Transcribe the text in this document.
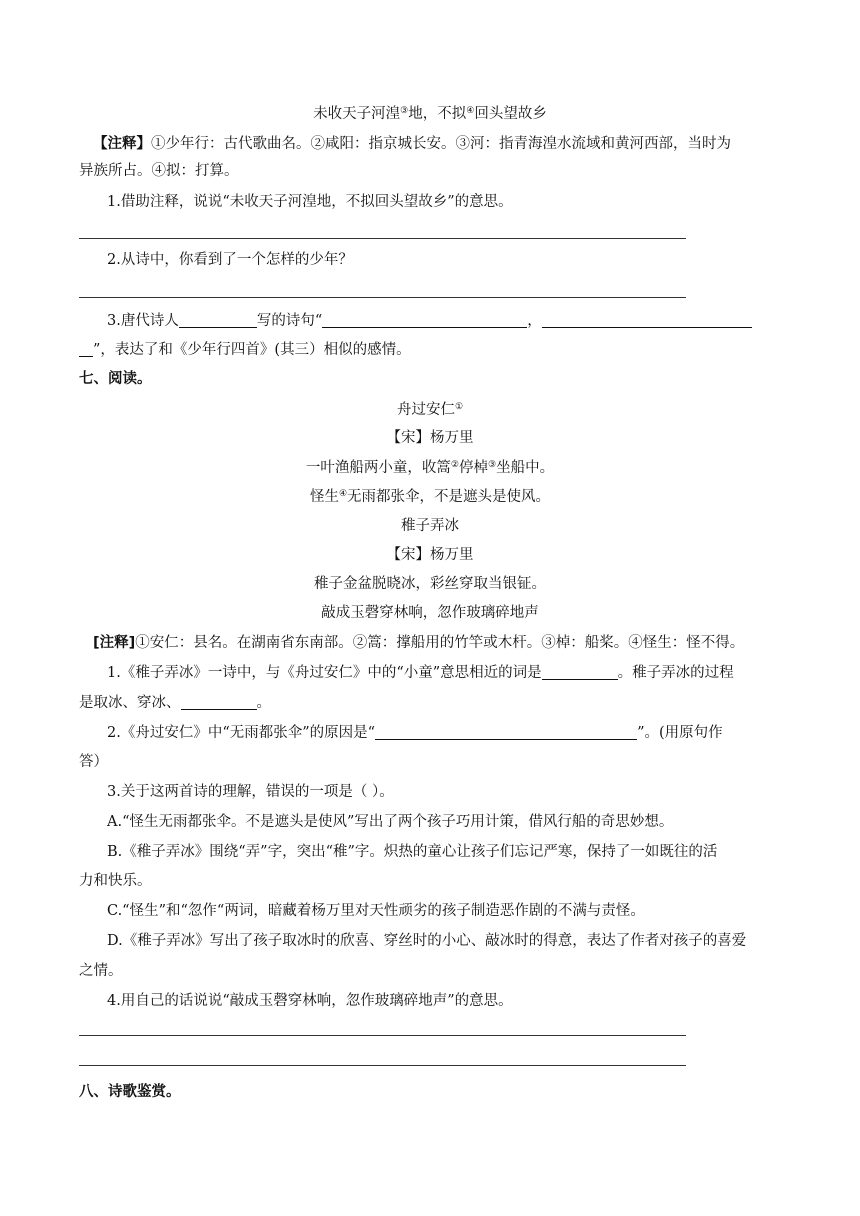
未收天子河湟③地，不拟④回头望故乡
【注释】①少年行：古代歌曲名。②咸阳：指京城长安。③河：指青海湟水流域和黄河西部，当时为
异族所占。④拟：打算。
1.借助注释，说说“未收天子河湟地，不拟回头望故乡”的意思。
2.从诗中，你看到了一个怎样的少年？
3.唐代诗人	写的诗句“	，
”，表达了和《少年行四首》(其三）相似的感情。
七、阅读。
舟过安仁①
【宋】杨万里
一叶渔船两小童，收篙②停棹③坐船中。
怪生④无雨都张伞，不是遮头是使风。
稚子弄冰
【宋】杨万里
稚子金盆脱晓冰，彩丝穿取当银钲。
敲成玉磬穿林响，忽作玻璃碎地声
[注释]①安仁：县名。在湖南省东南部。②篙：撑船用的竹竿或木杆。③棹：船桨。④怪生：怪不得。
1.《稚子弄冰》一诗中，与《舟过安仁》中的“小童”意思相近的词是	。稚子弄冰的过程
是取冰、穿冰、	。
2.《舟过安仁》中“无雨都张伞”的原因是“	”。(用原句作
答）
3.关于这两首诗的理解，错误的一项是（ ）。
A.“怪生无雨都张伞。不是遮头是使风”写出了两个孩子巧用计策，借风行船的奇思妙想。
B.《稚子弄冰》围绕“弄”字，突出“稚”字。炽热的童心让孩子们忘记严寒，保持了一如既往的活
力和快乐。
C.“怪生”和“忽作“两词，暗藏着杨万里对天性顽劣的孩子制造恶作剧的不满与责怪。
D.《稚子弄冰》写出了孩子取冰时的欣喜、穿丝时的小心、敲冰时的得意，表达了作者对孩子的喜爱
之情。
4.用自己的话说说“敲成玉磬穿林响，忽作玻璃碎地声”的意思。
八、诗歌鉴赏。
